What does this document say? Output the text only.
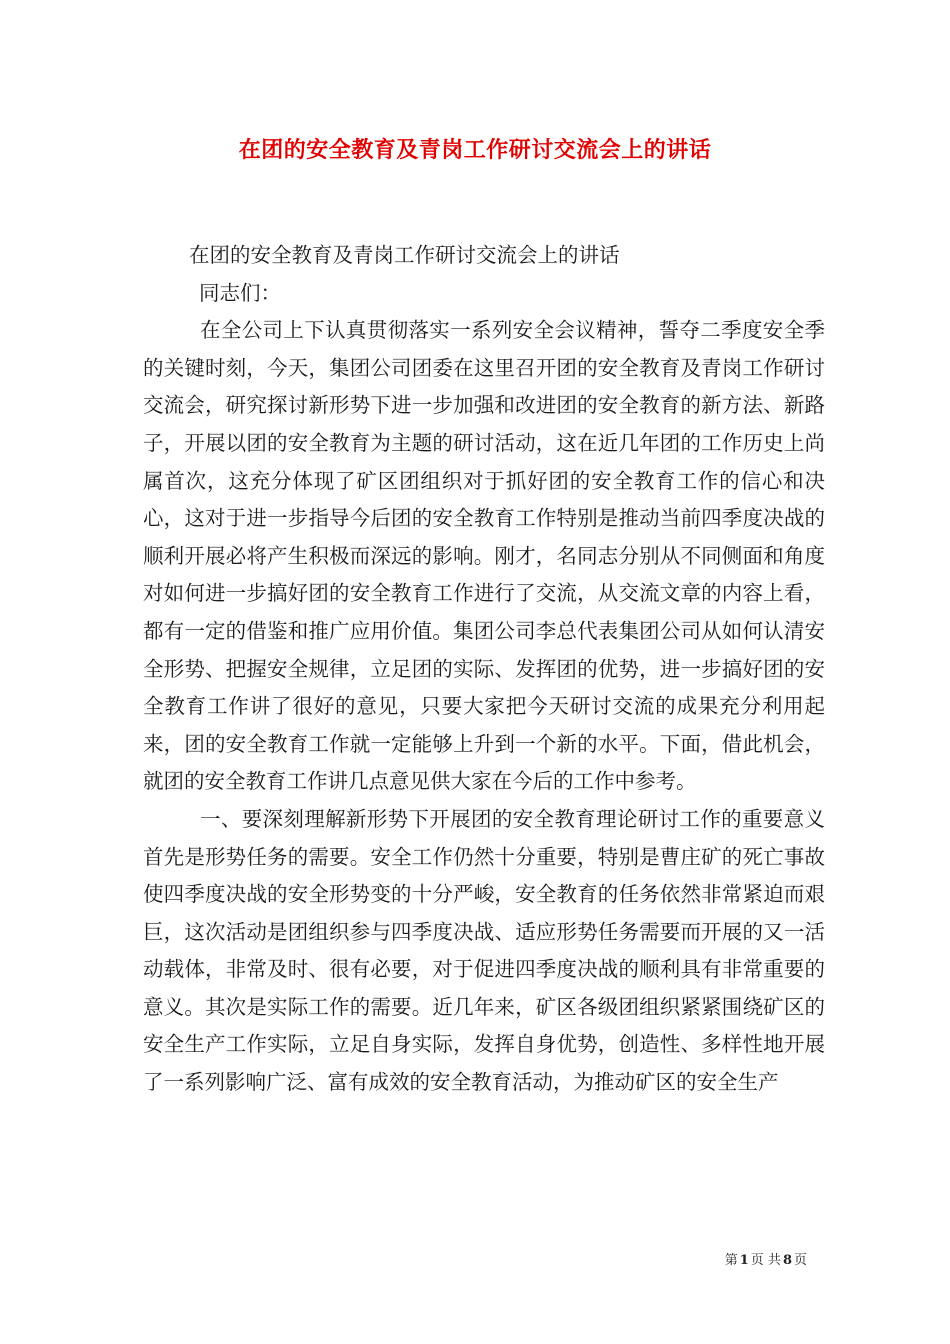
在团的安全教育及青岗工作研讨交流会上的讲话

在团的安全教育及青岗工作研讨交流会上的讲话

同志们：

在全公司上下认真贯彻落实一系列安全会议精神，誓夺二季度安全季的关键时刻，今天，集团公司团委在这里召开团的安全教育及青岗工作研讨交流会，研究探讨新形势下进一步加强和改进团的安全教育的新方法、新路子，开展以团的安全教育为主题的研讨活动，这在近几年团的工作历史上尚属首次，这充分体现了矿区团组织对于抓好团的安全教育工作的信心和决心，这对于进一步指导今后团的安全教育工作特别是推动当前四季度决战的顺利开展必将产生积极而深远的影响。刚才，名同志分别从不同侧面和角度对如何进一步搞好团的安全教育工作进行了交流，从交流文章的内容上看，都有一定的借鉴和推广应用价值。集团公司李总代表集团公司从如何认清安全形势、把握安全规律，立足团的实际、发挥团的优势，进一步搞好团的安全教育工作讲了很好的意见，只要大家把今天研讨交流的成果充分利用起来，团的安全教育工作就一定能够上升到一个新的水平。下面，借此机会，就团的安全教育工作讲几点意见供大家在今后的工作中参考。

一、要深刻理解新形势下开展团的安全教育理论研讨工作的重要意义首先是形势任务的需要。安全工作仍然十分重要，特别是曹庄矿的死亡事故使四季度决战的安全形势变的十分严峻，安全教育的任务依然非常紧迫而艰巨，这次活动是团组织参与四季度决战、适应形势任务需要而开展的又一活动载体，非常及时、很有必要，对于促进四季度决战的顺利具有非常重要的意义。其次是实际工作的需要。近几年来，矿区各级团组织紧紧围绕矿区的安全生产工作实际，立足自身实际，发挥自身优势，创造性、多样性地开展了一系列影响广泛、富有成效的安全教育活动，为推动矿区的安全生产

第 1 页 共 8 页
